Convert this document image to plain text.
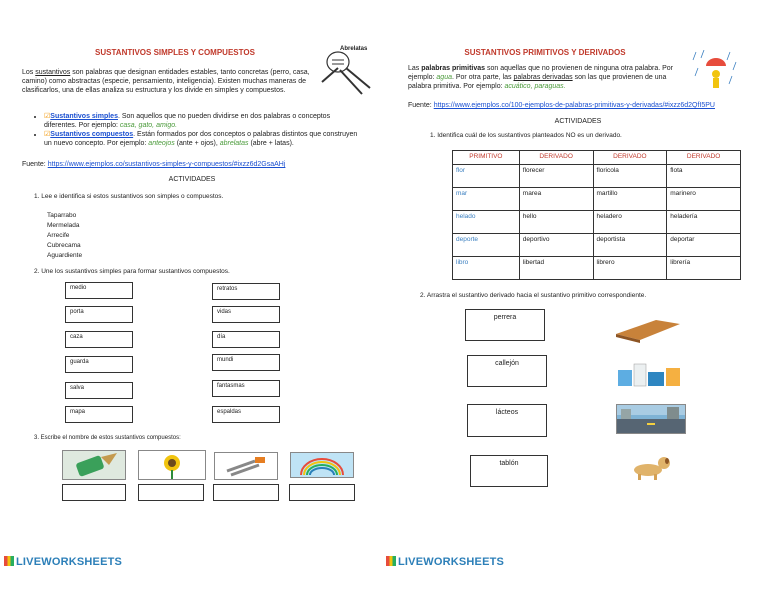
SUSTANTIVOS SIMPLES Y COMPUESTOS	Abrelatas
Los sustantivos son palabras que designan entidades estables, tanto concretas (perro, casa, camino) como abstractas (especie, pensamiento, inteligencia). Existen muchas maneras de clasificarlos, una de ellas analiza su estructura y los divide en simples y compuestos.
• ☑Sustantivos simples. Son aquellos que no pueden dividirse en dos palabras o conceptos diferentes. Por ejemplo: casa, gato, amigo.
• ☑Sustantivos compuestos. Están formados por dos conceptos o palabras distintos que construyen un nuevo concepto. Por ejemplo: anteojos (ante + ojos), abrelatas (abre + latas).
Fuente: https://www.ejemplos.co/sustantivos-simples-y-compuestos/#ixzz6d2GsaAHj
ACTIVIDADES
1. Lee e identifica si estos sustantivos son simples o compuestos.
Taparrabo
Mermelada
Arrecife
Cubrecama
Aguardiente
2. Une los sustantivos simples para formar sustantivos compuestos.
medio
porta
caza
guarda
salva
mapa
retratos
vidas
día
mundi
fantasmas
espaldas
3. Escribe el nombre de estos sustantivos compuestos:
LIVEWORKSHEETS
SUSTANTIVOS PRIMITIVOS Y DERIVADOS
Las palabras primitivas son aquellas que no provienen de ninguna otra palabra. Por ejemplo: agua. Por otra parte, las palabras derivadas son las que provienen de una palabra primitiva. Por ejemplo: acuático, paraguas.
Fuente: https://www.ejemplos.co/100-ejemplos-de-palabras-primitivas-y-derivadas/#ixzz6d2QfI5PU
ACTIVIDADES
1. Identifica cuál de los sustantivos planteados NO es un derivado.
PRIMITIVO	DERIVADO	DERIVADO	DERIVADO
flor	florecer	floricola	flota
mar	marea	martillo	marinero
helado	hello	heladero	heladería
deporte	deportivo	deportista	deportar
libro	libertad	librero	librería
2. Arrastra el sustantivo derivado hacia el sustantivo primitivo correspondiente.
perrera
callejón
lácteos
tablón
LIVEWORKSHEETS
